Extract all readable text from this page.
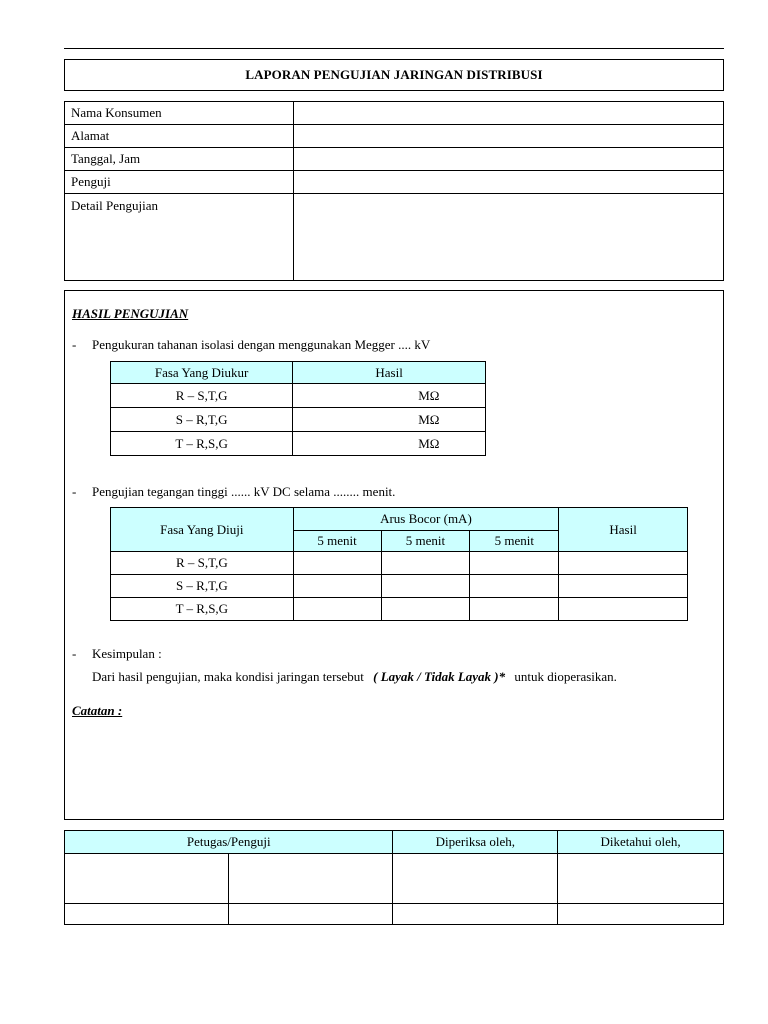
LAPORAN PENGUJIAN JARINGAN DISTRIBUSI
Nama Konsumen	
Alamat	
Tanggal, Jam	
Penguji	
Detail Pengujian	
HASIL PENGUJIAN
- Pengukuran tahanan isolasi dengan menggunakan Megger .... kV
Fasa Yang Diukur	Hasil
R – S,T,G	MΩ
S – R,T,G	MΩ
T – R,S,G	MΩ
- Pengujian tegangan tinggi ...... kV DC selama ........ menit.
Fasa Yang Diuji	Arus Bocor (mA)			Hasil
	5 menit	5 menit	5 menit	
R – S,T,G				
S – R,T,G				
T – R,S,G				
- Kesimpulan :
Dari hasil pengujian, maka kondisi jaringan tersebut ( Layak / Tidak Layak )* untuk dioperasikan.
Catatan :
Petugas/Penguji		Diperiksa oleh,	Diketahui oleh,
